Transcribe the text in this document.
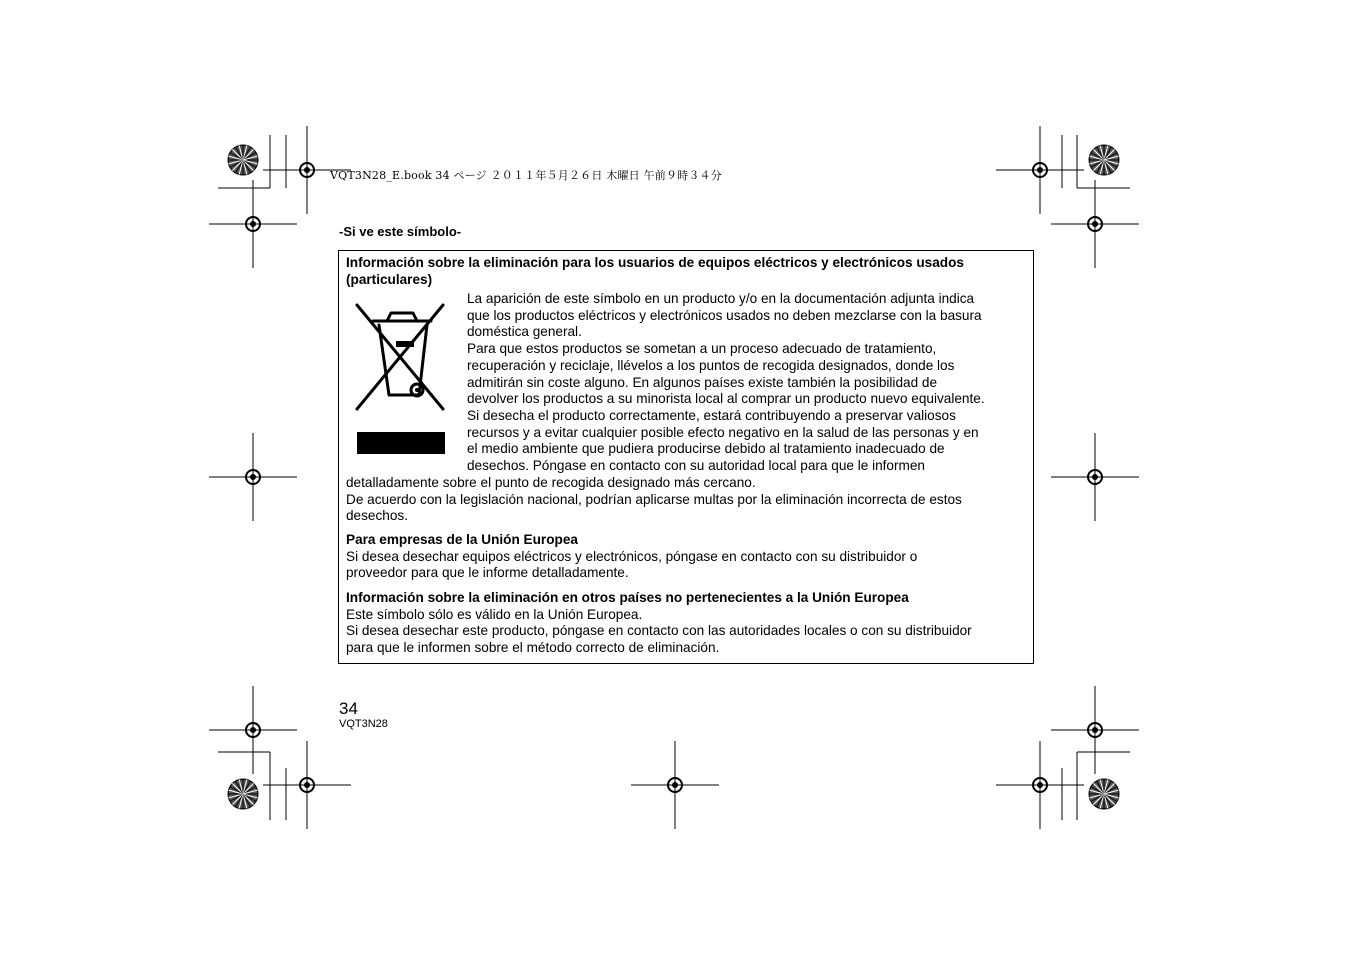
VQT3N28_E.book 34 ページ ２０１１年５月２６日 木曜日 午前９時３４分
-Si ve este símbolo-
Información sobre la eliminación para los usuarios de equipos eléctricos y electrónicos usados
(particulares)
La aparición de este símbolo en un producto y/o en la documentación adjunta indica
que los productos eléctricos y electrónicos usados no deben mezclarse con la basura
doméstica general.
Para que estos productos se sometan a un proceso adecuado de tratamiento,
recuperación y reciclaje, llévelos a los puntos de recogida designados, donde los
admitirán sin coste alguno. En algunos países existe también la posibilidad de
devolver los productos a su minorista local al comprar un producto nuevo equivalente.
Si desecha el producto correctamente, estará contribuyendo a preservar valiosos
recursos y a evitar cualquier posible efecto negativo en la salud de las personas y en
el medio ambiente que pudiera producirse debido al tratamiento inadecuado de
desechos. Póngase en contacto con su autoridad local para que le informen
detalladamente sobre el punto de recogida designado más cercano.
De acuerdo con la legislación nacional, podrían aplicarse multas por la eliminación incorrecta de estos
desechos.
Para empresas de la Unión Europea
Si desea desechar equipos eléctricos y electrónicos, póngase en contacto con su distribuidor o
proveedor para que le informe detalladamente.
Información sobre la eliminación en otros países no pertenecientes a la Unión Europea
Este símbolo sólo es válido en la Unión Europea.
Si desea desechar este producto, póngase en contacto con las autoridades locales o con su distribuidor
para que le informen sobre el método correcto de eliminación.
34
VQT3N28
